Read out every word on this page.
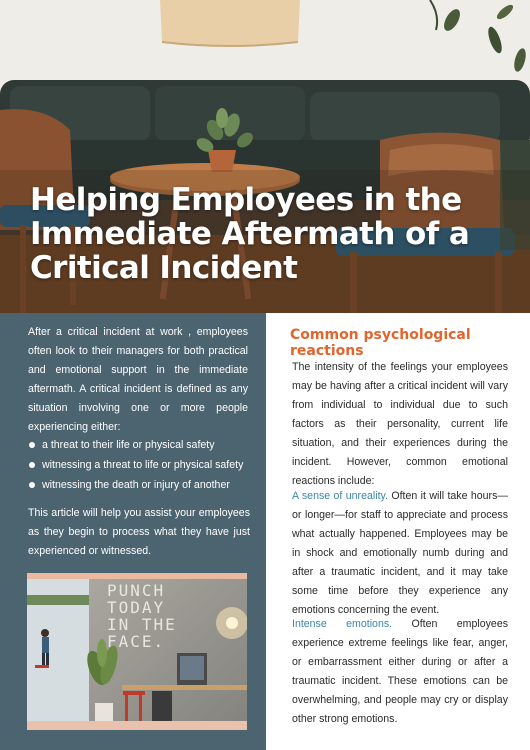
Helping Employees in the
Immediate Aftermath of a
Critical Incident

After a critical incident at work , employees often look to their managers for both practical and emotional support in the immediate aftermath. A critical incident is defined as any situation involving one or more people experiencing either:

a threat to their life or physical safety
witnessing a threat to life or physical safety
witnessing the death or injury of another

This article will help you assist your employees as they begin to process what they have just experienced or witnessed.

PUNCH
TODAY
IN THE
FACE.
Common psychological reactions

The intensity of the feelings your employees may be having after a critical incident will vary from individual to individual due to such factors as their personality, current life situation, and their experiences during the incident. However, common emotional reactions include:

A sense of unreality. Often it will take hours—or longer—for staff to appreciate and process what actually happened. Employees may be in shock and emotionally numb during and after a traumatic incident, and it may take some time before they experience any emotions concerning the event.

Intense emotions. Often employees experience extreme feelings like fear, anger, or embarrassment either during or after a traumatic incident. These emotions can be overwhelming, and people may cry or display other strong emotions.
